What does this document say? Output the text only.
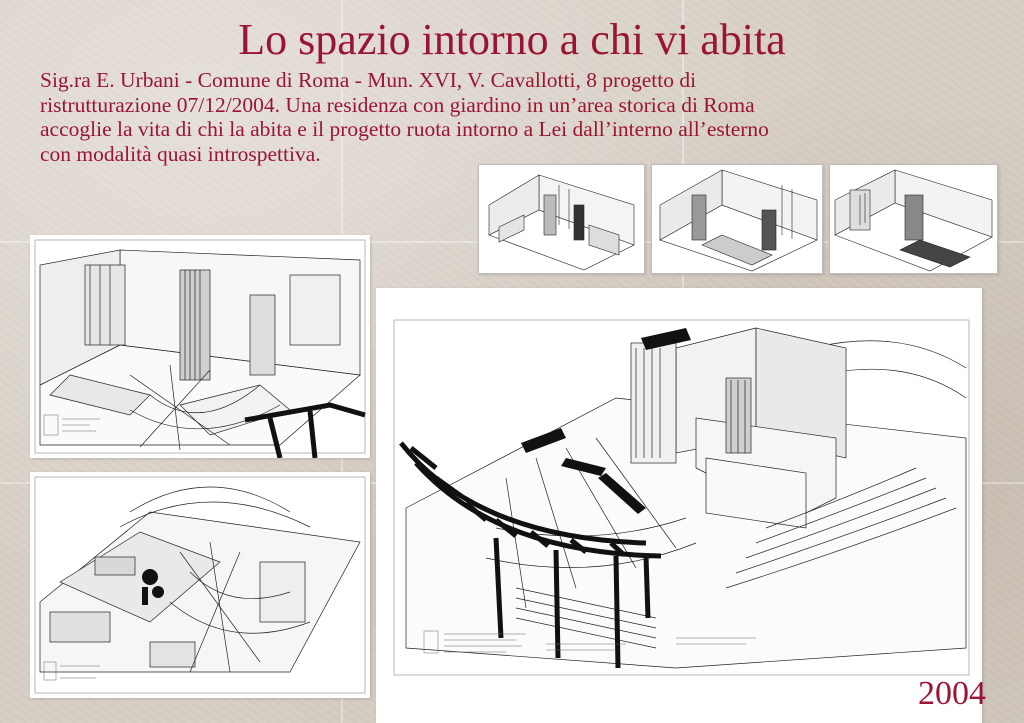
Lo spazio intorno a chi vi abita
Sig.ra E. Urbani - Comune di Roma - Mun. XVI, V. Cavallotti, 8 progetto di
ristrutturazione 07/12/2004. Una residenza con giardino in un’area storica di Roma
accoglie la vita di chi la abita e il progetto ruota intorno a Lei dall’interno all’esterno
con modalità quasi introspettiva.
2004
